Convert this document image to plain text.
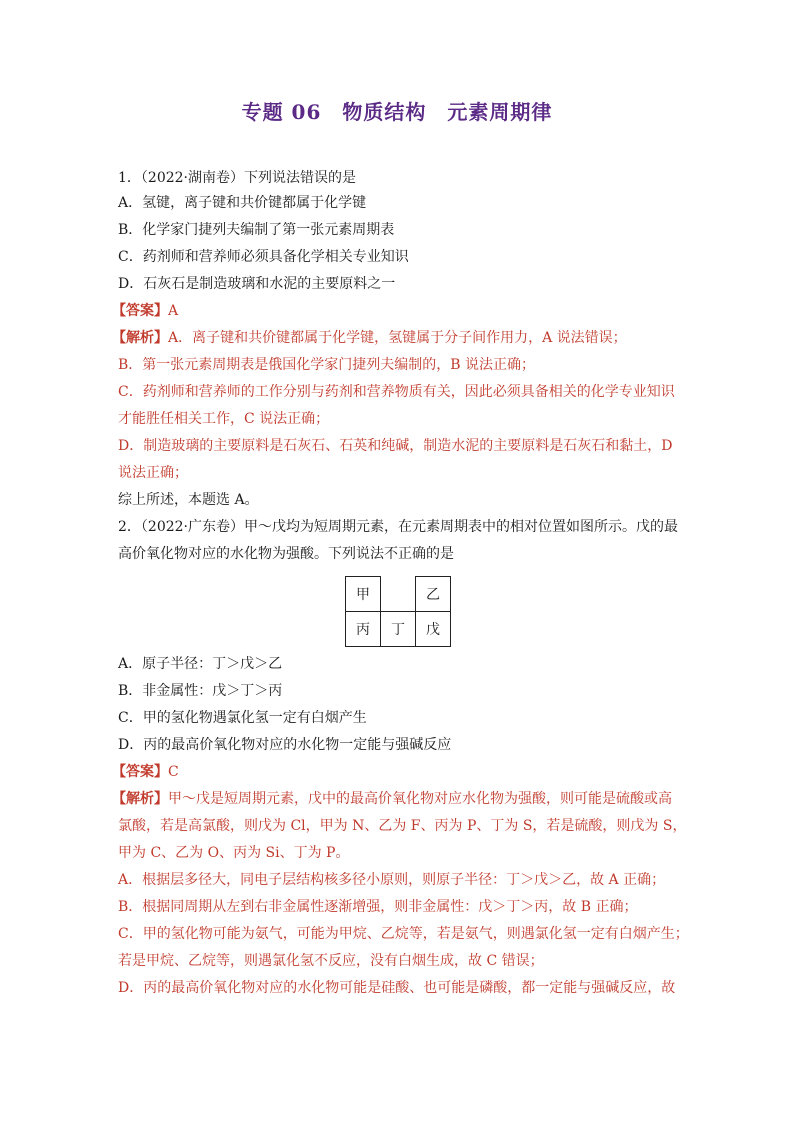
专题 06　物质结构　元素周期律
1．（2022·湖南卷）下列说法错误的是
A．氢键，离子键和共价键都属于化学键
B．化学家门捷列夫编制了第一张元素周期表
C．药剂师和营养师必须具备化学相关专业知识
D．石灰石是制造玻璃和水泥的主要原料之一
【答案】A
【解析】A．离子键和共价键都属于化学键，氢键属于分子间作用力，A 说法错误；
B．第一张元素周期表是俄国化学家门捷列夫编制的，B 说法正确；
C．药剂师和营养师的工作分别与药剂和营养物质有关，因此必须具备相关的化学专业知识
才能胜任相关工作，C 说法正确；
D．制造玻璃的主要原料是石灰石、石英和纯碱，制造水泥的主要原料是石灰石和黏土，D
说法正确；
综上所述，本题选 A。
2．（2022·广东卷）甲～戊均为短周期元素，在元素周期表中的相对位置如图所示。戊的最
高价氧化物对应的水化物为强酸。下列说法不正确的是
甲		乙
丙	丁	戊
A．原子半径：丁＞戊＞乙
B．非金属性：戊＞丁＞丙
C．甲的氢化物遇氯化氢一定有白烟产生
D．丙的最高价氧化物对应的水化物一定能与强碱反应
【答案】C
【解析】甲～戊是短周期元素，戊中的最高价氧化物对应水化物为强酸，则可能是硫酸或高
氯酸，若是高氯酸，则戊为 Cl，甲为 N、乙为 F、丙为 P、丁为 S，若是硫酸，则戊为 S，
甲为 C、乙为 O、丙为 Si、丁为 P。
A．根据层多径大，同电子层结构核多径小原则，则原子半径：丁＞戊＞乙，故 A 正确；
B．根据同周期从左到右非金属性逐渐增强，则非金属性：戊＞丁＞丙，故 B 正确；
C．甲的氢化物可能为氨气，可能为甲烷、乙烷等，若是氨气，则遇氯化氢一定有白烟产生；
若是甲烷、乙烷等，则遇氯化氢不反应，没有白烟生成，故 C 错误；
D．丙的最高价氧化物对应的水化物可能是硅酸、也可能是磷酸，都一定能与强碱反应，故
